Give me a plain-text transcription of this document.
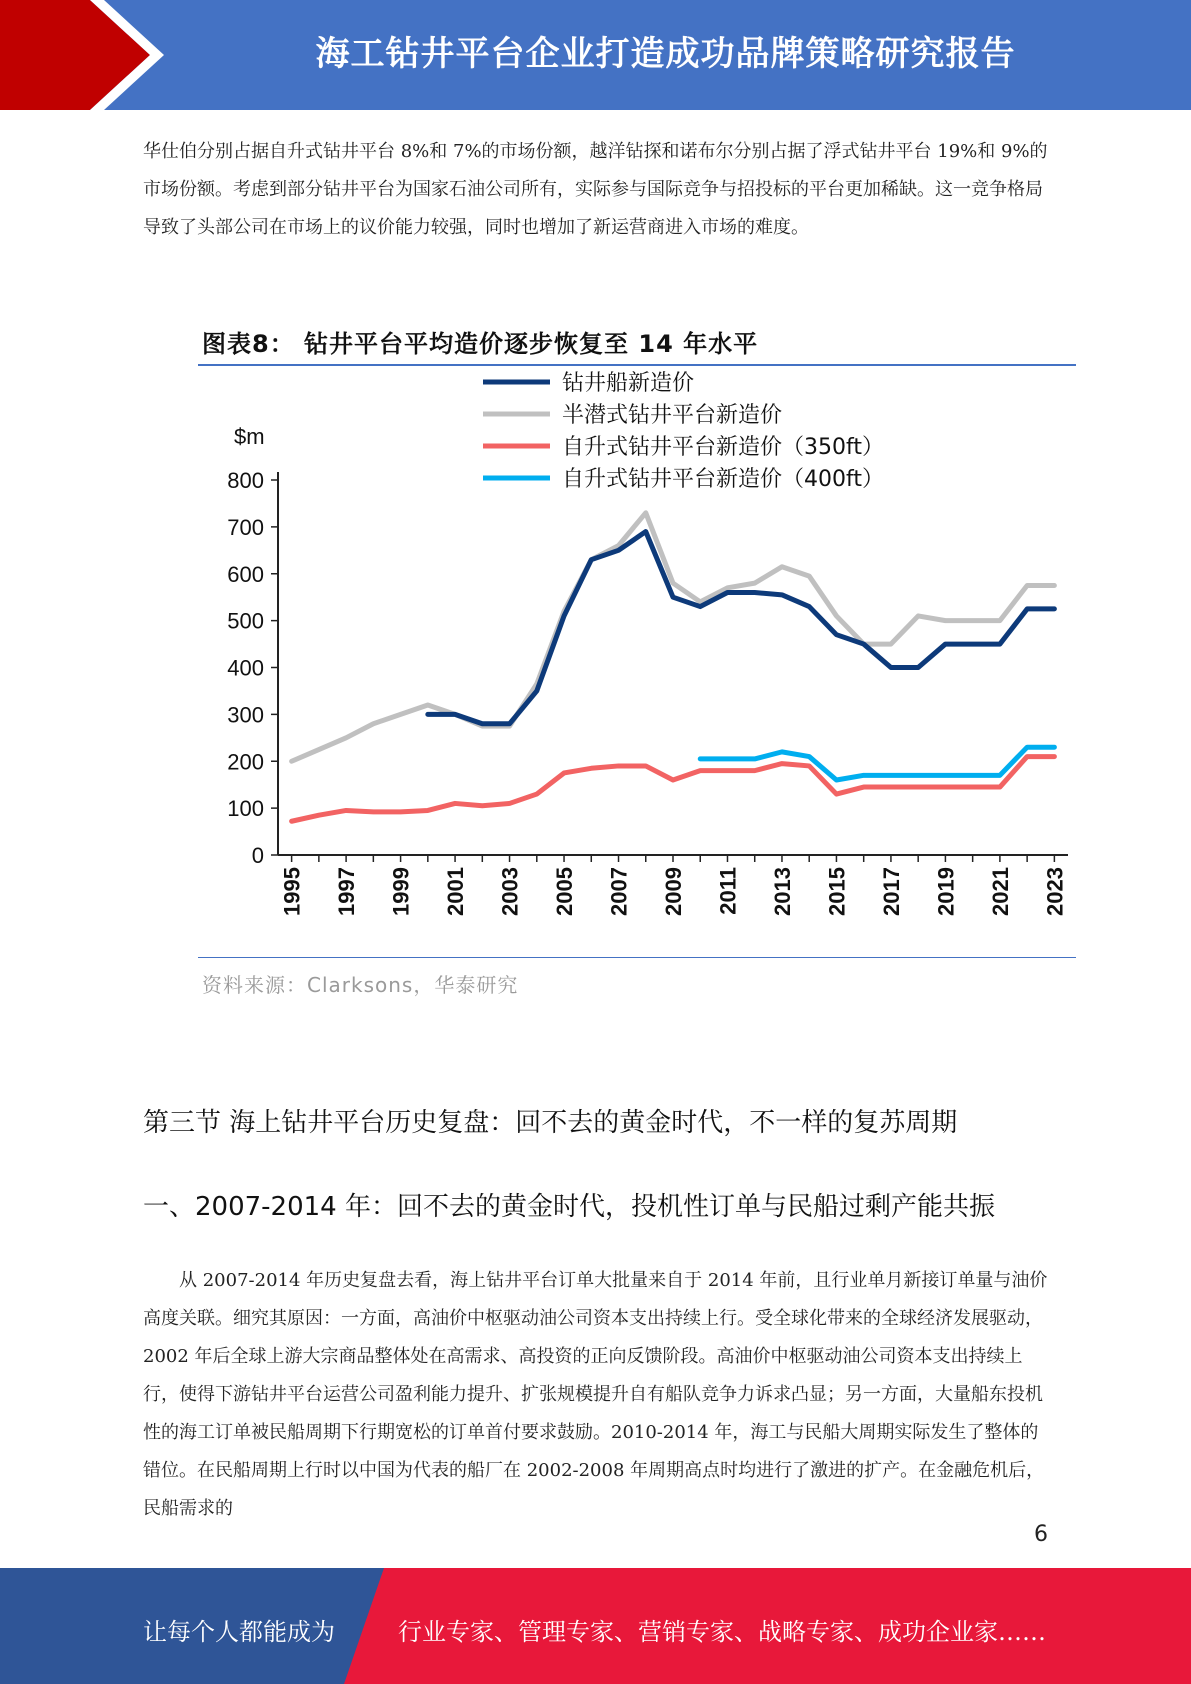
海工钻井平台企业打造成功品牌策略研究报告

华仕伯分别占据自升式钻井平台 8%和 7%的市场份额，越洋钻探和诺布尔分别占据了浮式钻井平台 19%和 9%的市场份额。考虑到部分钻井平台为国家石油公司所有，实际参与国际竞争与招投标的平台更加稀缺。这一竞争格局导致了头部公司在市场上的议价能力较强，同时也增加了新运营商进入市场的难度。

图表8： 钻井平台平均造价逐步恢复至 14 年水平
0
100
200
300
400
500
600
700
800
$m
1995 1997 1999 2001 2003 2005 2007 2009 2011 2013 2015 2017 2019 2021 2023
钻井船新造价
半潜式钻井平台新造价
自升式钻井平台新造价（350ft）
自升式钻井平台新造价（400ft）
资料来源：Clarksons，华泰研究
第三节 海上钻井平台历史复盘：回不去的黄金时代，不一样的复苏周期
一、2007-2014 年：回不去的黄金时代，投机性订单与民船过剩产能共振

从 2007-2014 年历史复盘去看，海上钻井平台订单大批量来自于 2014 年前，且行业单月新接订单量与油价高度关联。细究其原因：一方面，高油价中枢驱动油公司资本支出持续上行。受全球化带来的全球经济发展驱动，2002 年后全球上游大宗商品整体处在高需求、高投资的正向反馈阶段。高油价中枢驱动油公司资本支出持续上行，使得下游钻井平台运营公司盈利能力提升、扩张规模提升自有船队竞争力诉求凸显；另一方面，大量船东投机性的海工订单被民船周期下行期宽松的订单首付要求鼓励。2010-2014 年，海工与民船大周期实际发生了整体的错位。在民船周期上行时以中国为代表的船厂在 2002-2008 年周期高点时均进行了激进的扩产。在金融危机后，民船需求的

6
让每个人都能成为	行业专家、管理专家、营销专家、战略专家、成功企业家……
